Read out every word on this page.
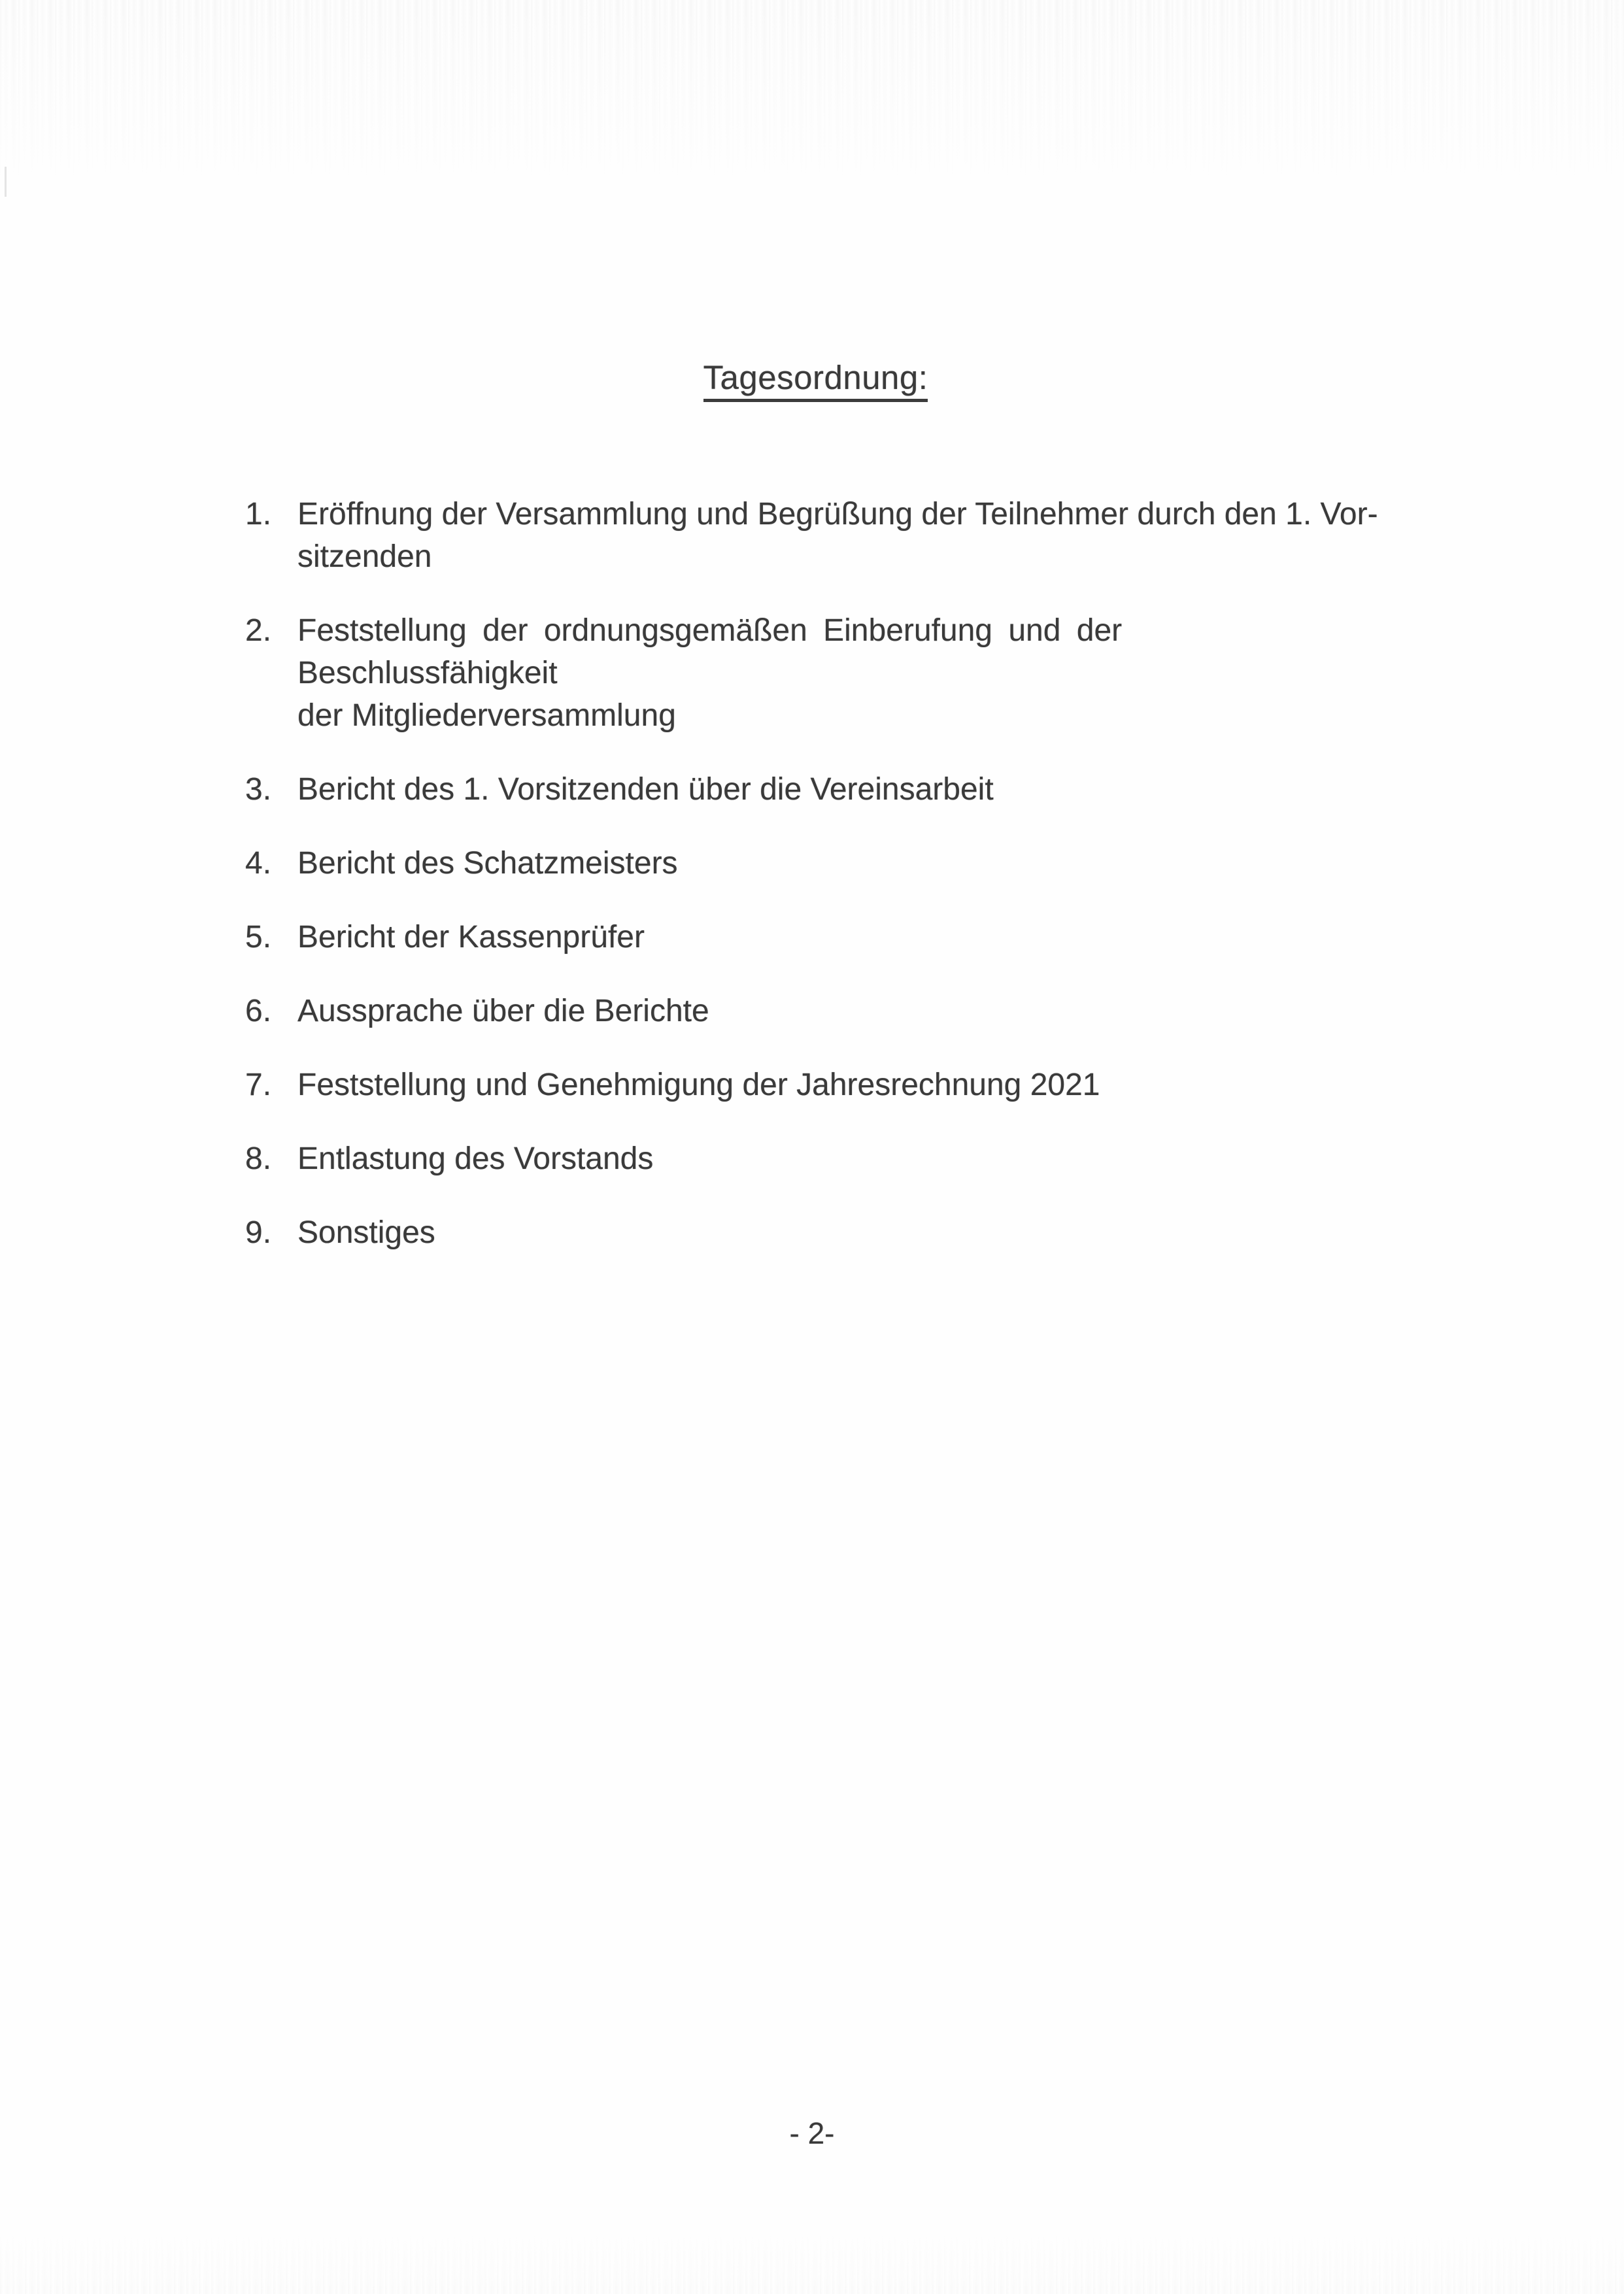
Tagesordnung:
1. Eröffnung der Versammlung und Begrüßung der Teilnehmer durch den 1. Vor-
sitzenden
2. Feststellung der ordnungsgemäßen Einberufung und der Beschlussfähigkeit
der Mitgliederversammlung
3. Bericht des 1. Vorsitzenden über die Vereinsarbeit
4. Bericht des Schatzmeisters
5. Bericht der Kassenprüfer
6. Aussprache über die Berichte
7. Feststellung und Genehmigung der Jahresrechnung 2021
8. Entlastung des Vorstands
9. Sonstiges
- 2-
